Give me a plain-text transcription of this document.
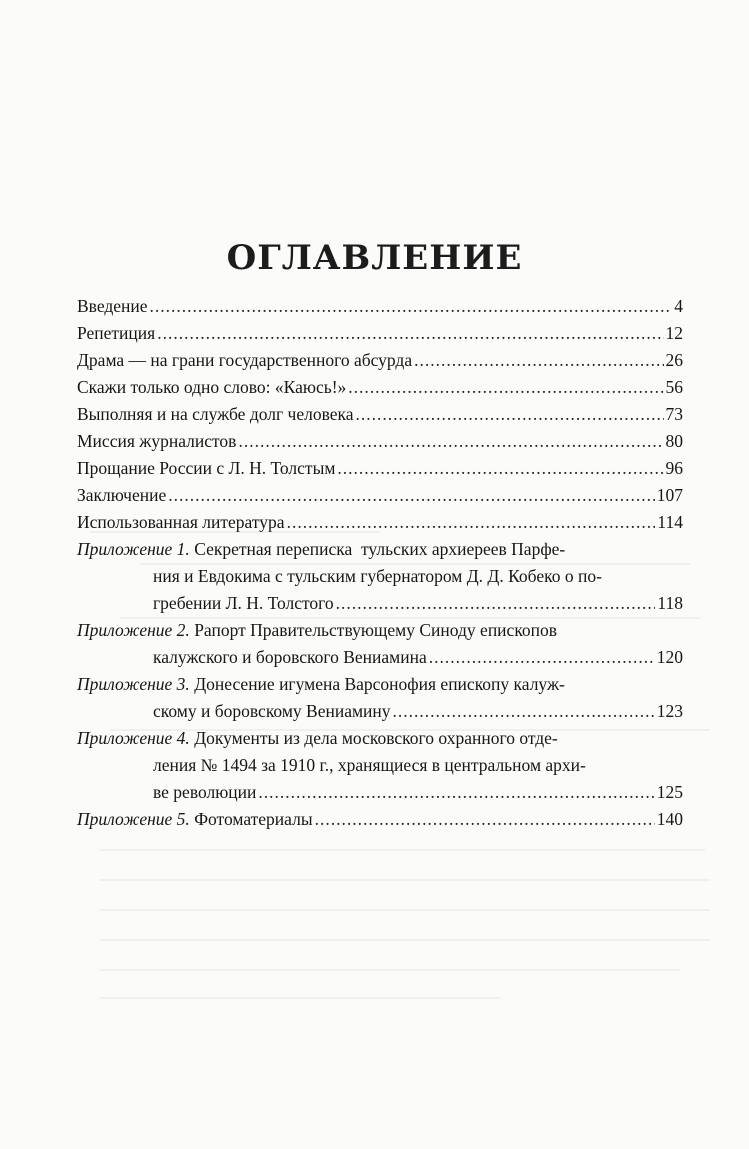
ОГЛАВЛЕНИЕ
Введение .....	4
Репетиция .....	12
Драма — на грани государственного абсурда .....	26
Скажи только одно слово: «Каюсь!» .....	56
Выполняя и на службе долг человека .....	73
Миссия журналистов .....	80
Прощание России с Л. Н. Толстым .....	96
Заключение .....	107
Использованная литература .....	114
Приложение 1. Секретная переписка  тульских архиереев Парфе-
ния и Евдокима с тульским губернатором Д. Д. Кобеко о по-
гребении Л. Н. Толстого .....	118
Приложение 2. Рапорт Правительствующему Синоду епископов
калужского и боровского Вениамина .....	120
Приложение 3. Донесение игумена Варсонофия епископу калуж-
скому и боровскому Вениамину .....	123
Приложение 4. Документы из дела московского охранного отде-
ления № 1494 за 1910 г., хранящиеся в центральном архи-
ве революции .....	125
Приложение 5. Фотоматериалы .....	140
